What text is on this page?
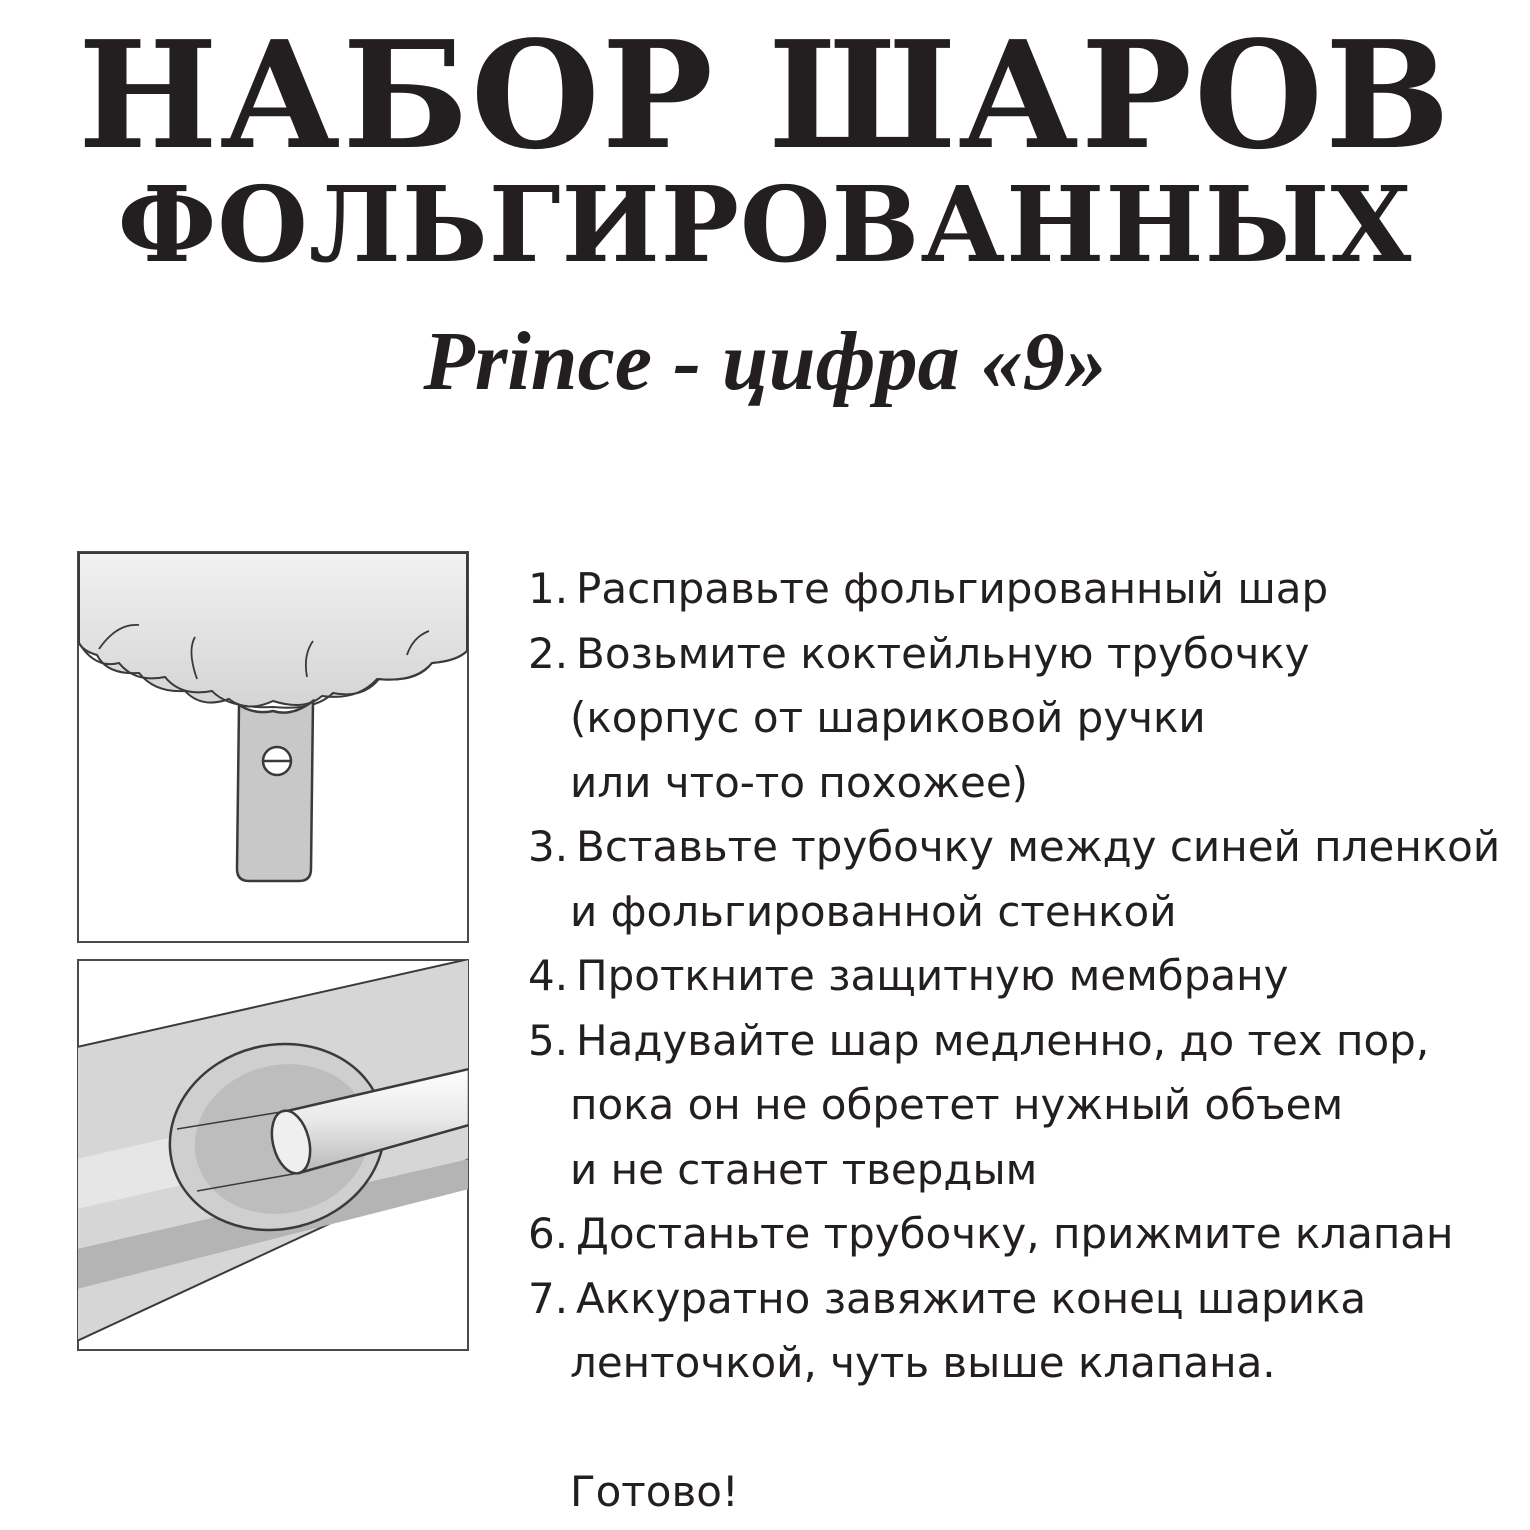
НАБОР ШАРОВ
ФОЛЬГИРОВАННЫХ
Prince - цифра «9»
1. Расправьте фольгированный шар
2. Возьмите коктейльную трубочку
(корпус от шариковой ручки
или что-то похожее)
3. Вставьте трубочку между синей пленкой
и фольгированной стенкой
4. Проткните защитную мембрану
5. Надувайте шар медленно, до тех пор,
пока он не обретет нужный объем
и не станет твердым
6. Достаньте трубочку, прижмите клапан
7. Аккуратно завяжите конец шарика
ленточкой, чуть выше клапана.
Готово!
